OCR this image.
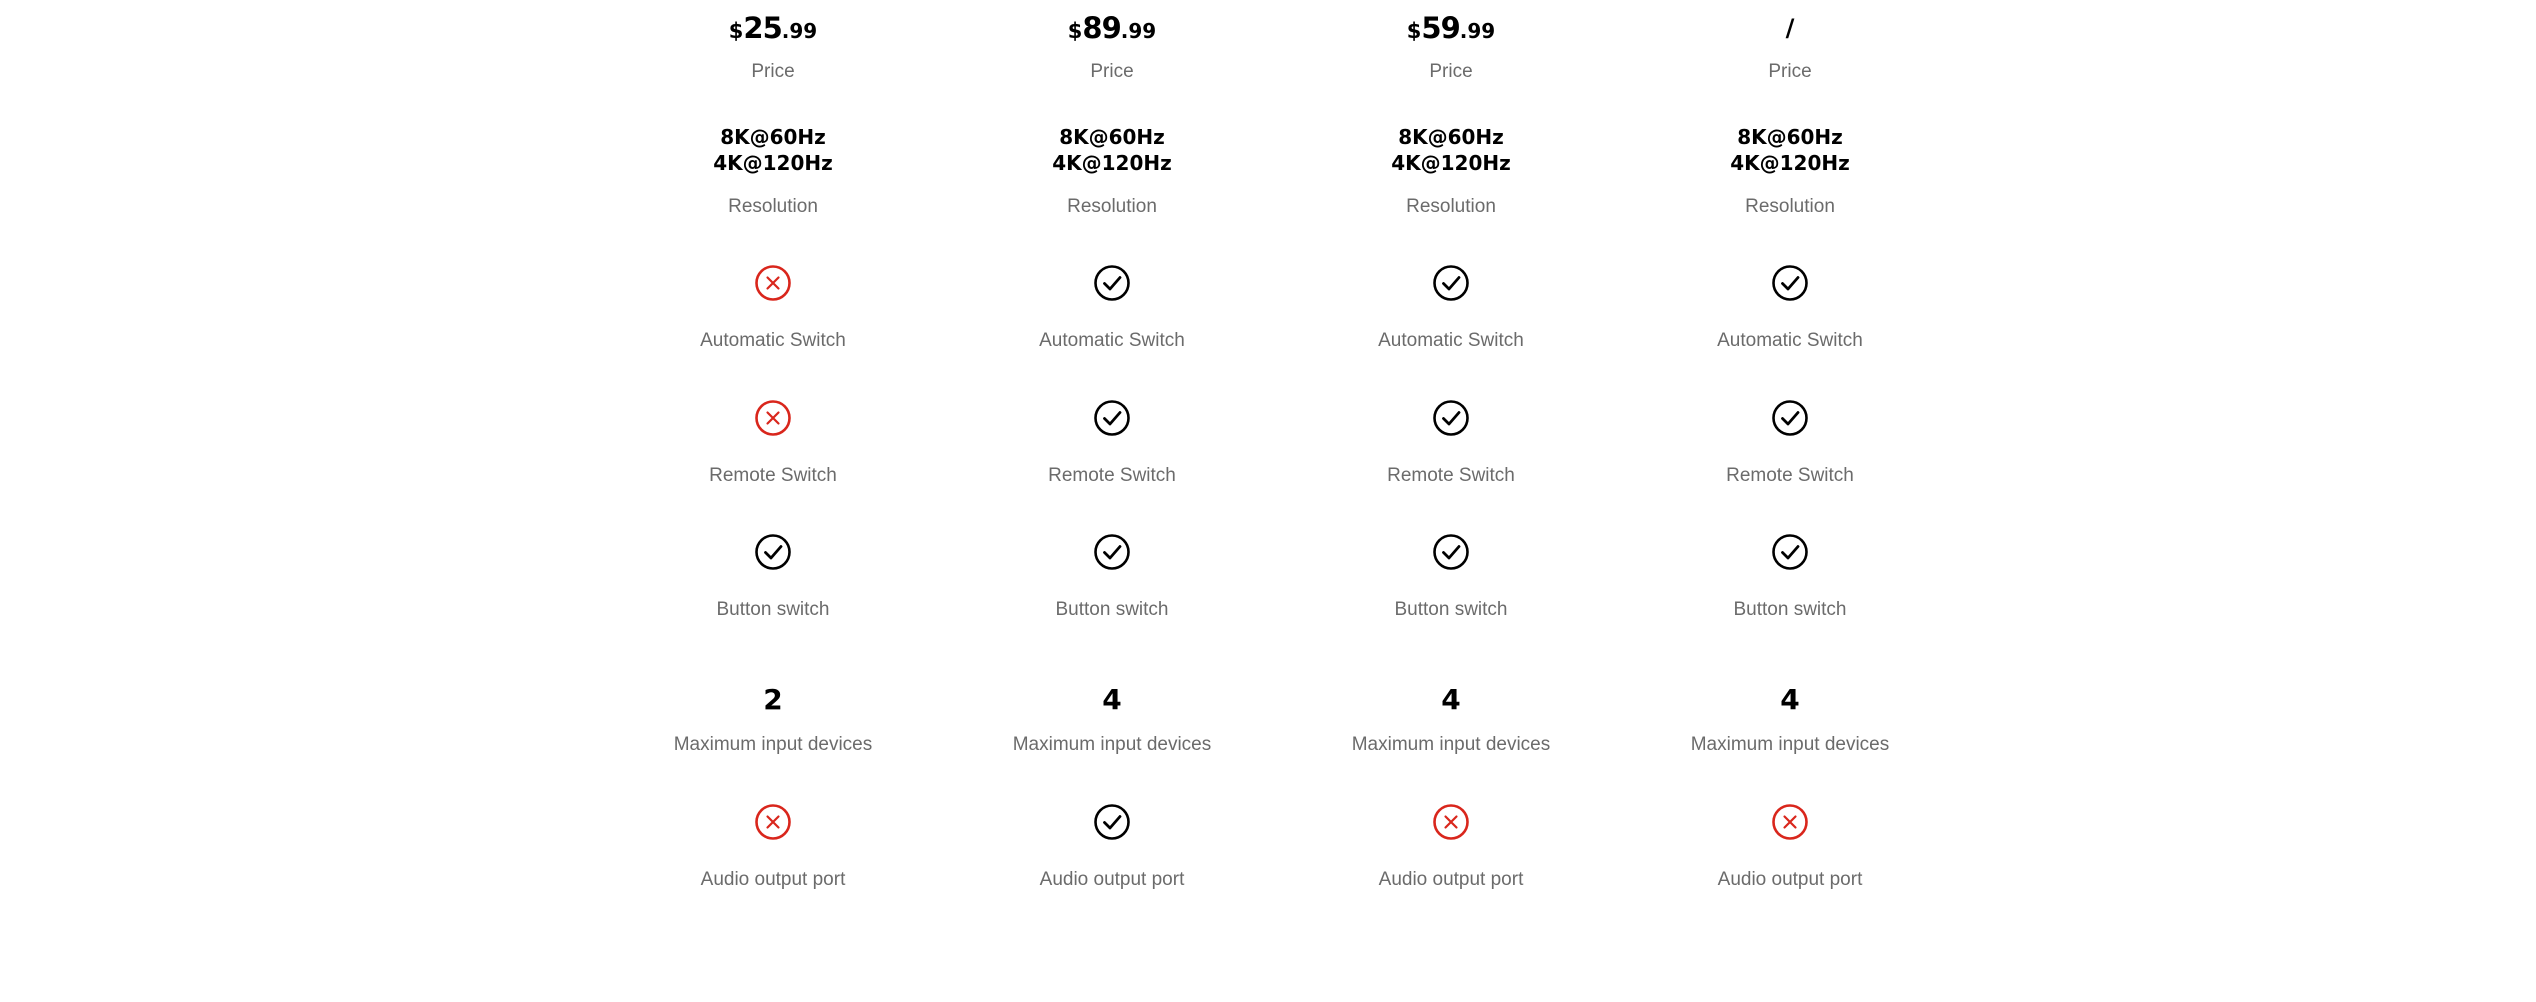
$25.99
8K@60Hz
4K@120Hz
2
Price
Resolution
Automatic Switch
Remote Switch
Button switch
Maximum input devices
Audio output port
$89.99
8K@60Hz
4K@120Hz
4
Price
Resolution
Automatic Switch
Remote Switch
Button switch
Maximum input devices
Audio output port
$59.99
8K@60Hz
4K@120Hz
4
Price
Resolution
Automatic Switch
Remote Switch
Button switch
Maximum input devices
Audio output port
/
8K@60Hz
4K@120Hz
4
Price
Resolution
Automatic Switch
Remote Switch
Button switch
Maximum input devices
Audio output port
